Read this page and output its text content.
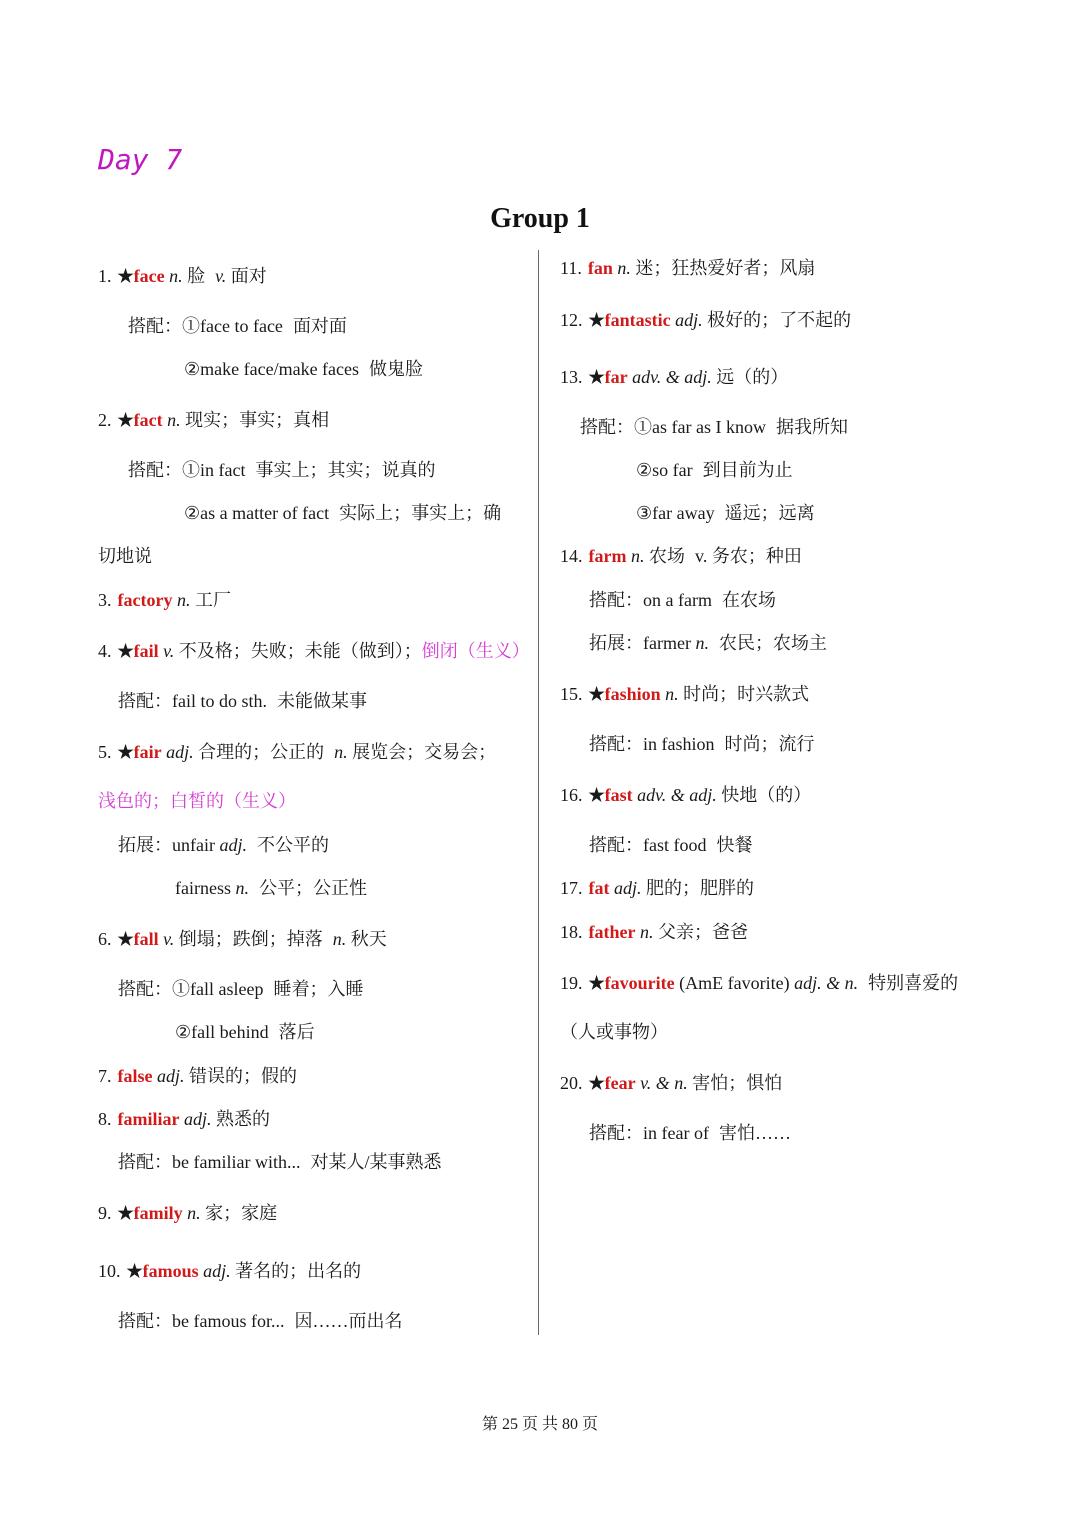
Day 7
Group 1
1. ★face n. 脸 v. 面对
搭配：①face to face 面对面
②make face/make faces 做鬼脸
2. ★fact n. 现实；事实；真相
搭配：①in fact 事实上；其实；说真的
②as a matter of fact 实际上；事实上；确
切地说
3. factory n. 工厂
4. ★fail v. 不及格；失败；未能（做到）；倒闭（生义）
搭配：fail to do sth. 未能做某事
5. ★fair adj. 合理的；公正的 n. 展览会；交易会；
浅色的；白皙的（生义）
拓展：unfair adj. 不公平的
fairness n. 公平；公正性
6. ★fall v. 倒塌；跌倒；掉落 n. 秋天
搭配：①fall asleep 睡着；入睡
②fall behind 落后
7. false adj. 错误的；假的
8. familiar adj. 熟悉的
搭配：be familiar with... 对某人/某事熟悉
9. ★family n. 家；家庭
10. ★famous adj. 著名的；出名的
搭配：be famous for... 因……而出名
11. fan n. 迷；狂热爱好者；风扇
12. ★fantastic adj. 极好的；了不起的
13. ★far adv. & adj. 远（的）
搭配：①as far as I know 据我所知
②so far 到目前为止
③far away 遥远；远离
14. farm n. 农场 v. 务农；种田
搭配：on a farm 在农场
拓展：farmer n. 农民；农场主
15. ★fashion n. 时尚；时兴款式
搭配：in fashion 时尚；流行
16. ★fast adv. & adj. 快地（的）
搭配：fast food 快餐
17. fat adj. 肥的；肥胖的
18. father n. 父亲；爸爸
19. ★favourite (AmE favorite) adj. & n. 特别喜爱的
（人或事物）
20. ★fear v. & n. 害怕；惧怕
搭配：in fear of 害怕……
第 25 页 共 80 页
